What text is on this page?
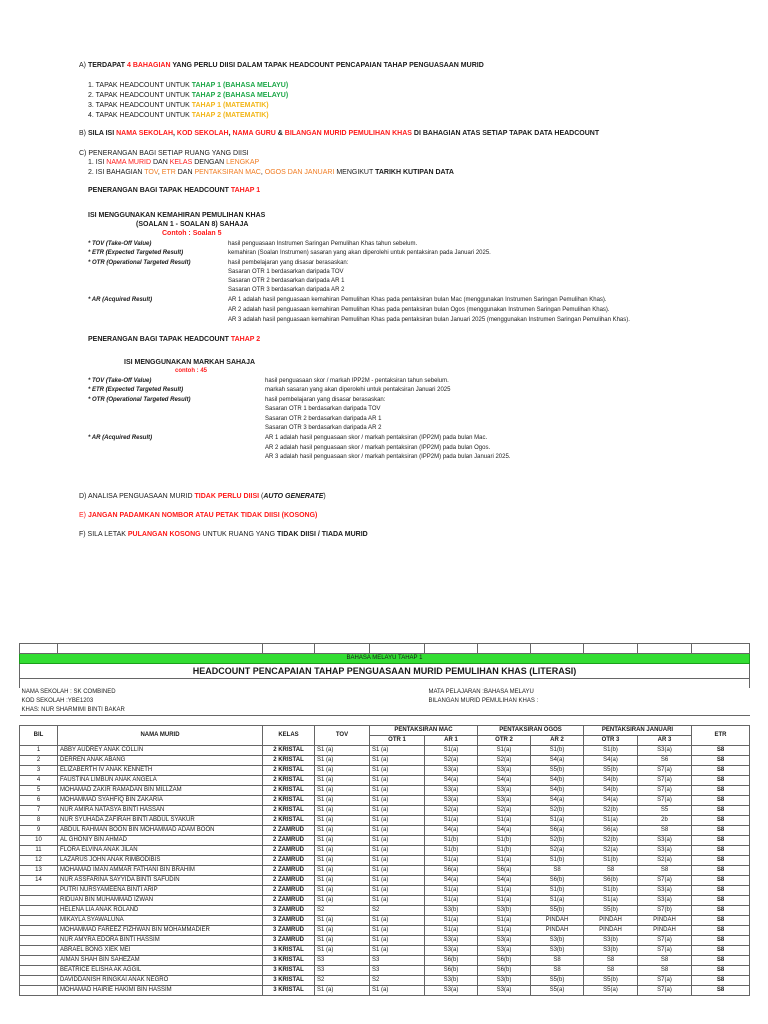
A) TERDAPAT 4 BAHAGIAN YANG PERLU DIISI DALAM TAPAK HEADCOUNT PENCAPAIAN TAHAP PENGUASAAN MURID
1. TAPAK HEADCOUNT UNTUK TAHAP 1 (BAHASA MELAYU)
2. TAPAK HEADCOUNT UNTUK TAHAP 2 (BAHASA MELAYU)
3. TAPAK HEADCOUNT UNTUK TAHAP 1 (MATEMATIK)
4. TAPAK HEADCOUNT UNTUK TAHAP 2 (MATEMATIK)
B) SILA ISI NAMA SEKOLAH, KOD SEKOLAH, NAMA GURU & BILANGAN MURID PEMULIHAN KHAS DI BAHAGIAN ATAS SETIAP TAPAK DATA HEADCOUNT
C) PENERANGAN BAGI SETIAP RUANG YANG DIISI
1. ISI NAMA MURID DAN KELAS DENGAN LENGKAP
2. ISI BAHAGIAN TOV, ETR DAN PENTAKSIRAN MAC, OGOS DAN JANUARI MENGIKUT TARIKH KUTIPAN DATA
PENERANGAN BAGI TAPAK HEADCOUNT TAHAP 1
ISI MENGGUNAKAN KEMAHIRAN PEMULIHAN KHAS
(SOALAN 1 - SOALAN 8) SAHAJA
Contoh : Soalan 5
* TOV (Take-Off Value)	hasil penguasaan Instrumen Saringan Pemulihan Khas tahun sebelum.
* ETR (Expected Targeted Result)	kemahiran (Soalan Instrumen) sasaran yang akan diperolehi untuk pentaksiran pada Januari 2025.
* OTR (Operational Targeted Result)	hasil pembelajaran yang disasar berasaskan:
Sasaran OTR 1 berdasarkan daripada TOV
Sasaran OTR 2 berdasarkan daripada AR 1
Sasaran OTR 3 berdasarkan daripada AR 2
* AR (Acquired Result)	AR 1 adalah hasil penguasaan kemahiran Pemulihan Khas pada pentaksiran bulan Mac (menggunakan Instrumen Saringan Pemulihan Khas).
AR 2 adalah hasil penguasaan kemahiran Pemulihan Khas pada pentaksiran bulan Ogos (menggunakan Instrumen Saringan Pemulihan Khas).
AR 3 adalah hasil penguasaan kemahiran Pemulihan Khas pada pentaksiran bulan Januari 2025 (menggunakan Instrumen Saringan Pemulihan Khas).
PENERANGAN BAGI TAPAK HEADCOUNT TAHAP 2
ISI MENGGUNAKAN MARKAH SAHAJA
contoh : 45
* TOV (Take-Off Value)	hasil penguasaan skor / markah IPP2M - pentaksiran tahun sebelum.
* ETR (Expected Targeted Result)	markah sasaran yang akan diperolehi untuk pentaksiran Januari 2025
* OTR (Operational Targeted Result)	hasil pembelajaran yang disasar berasaskan:
Sasaran OTR 1 berdasarkan daripada TOV
Sasaran OTR 2 berdasarkan daripada AR 1
Sasaran OTR 3 berdasarkan daripada AR 2
* AR (Acquired Result)	AR 1 adalah hasil penguasaan skor / markah pentaksiran (IPP2M) pada bulan Mac.
AR 2 adalah hasil penguasaan skor / markah pentaksiran (IPP2M) pada bulan Ogos.
AR 3 adalah hasil penguasaan skor / markah pentaksiran (IPP2M) pada bulan Januari 2025.
D) ANALISA PENGUASAAN MURID TIDAK PERLU DIISI (AUTO GENERATE)
E) JANGAN PADAMKAN NOMBOR ATAU PETAK TIDAK DIISI (KOSONG)
F) SILA LETAK PULANGAN KOSONG UNTUK RUANG YANG TIDAK DIISI / TIADA MURID

BAHASA MELAYU TAHAP 1										
HEADCOUNT PENCAPAIAN TAHAP PENGUASAAN MURID PEMULIHAN KHAS (LITERASI)										

NAMA SEKOLAH : SK COMBINED					MATA PELAJARAN :BAHASA MELAYU					
KOD SEKOLAH :YBE1203					BILANGAN MURID PEMULIHAN KHAS :					
KHAS: NUR SHARMIMI BINTI BAKAR										

BIL	NAMA MURID	KELAS	TOV	PENTAKSIRAN MAC		PENTAKSIRAN OGOS		PENTAKSIRAN JANUARI		ETR
				OTR 1	AR 1	OTR 2	AR 2	OTR 3	AR 3	
1	ABBY AUDREY ANAK COLLIN	2 KRISTAL	S1 (a)	S1 (a)	S1(a)	S1(a)	S1(b)	S1(b)	S3(a)	S8
2	DERREN ANAK ABANG	2 KRISTAL	S1 (a)	S1 (a)	S2(a)	S2(a)	S4(a)	S4(a)	S6	S8
3	ELIZABERTH IV ANAK KENNETH	2 KRISTAL	S1 (a)	S1 (a)	S3(a)	S3(a)	S5(b)	S5(b)	S7(a)	S8
4	FAUSTINA LIMBUN ANAK ANGELA	2 KRISTAL	S1 (a)	S1 (a)	S4(a)	S4(a)	S4(b)	S4(b)	S7(a)	S8
5	MOHAMAD ZAKIR RAMADAN BIN MILLZAM	2 KRISTAL	S1 (a)	S1 (a)	S3(a)	S3(a)	S4(b)	S4(b)	S7(a)	S8
6	MOHAMMAD SYAHFIQ BIN ZAKARIA	2 KRISTAL	S1 (a)	S1 (a)	S3(a)	S3(a)	S4(a)	S4(a)	S7(a)	S8
7	NUR AMIRA NATASYA BINTI HASSAN	2 KRISTAL	S1 (a)	S1 (a)	S2(a)	S2(a)	S2(b)	S2(b)	S5	S8
8	NUR SYUHADA ZAFIRAH BINTI ABDUL SYAKUR	2 KRISTAL	S1 (a)	S1 (a)	S1(a)	S1(a)	S1(a)	S1(a)	2b	S8
9	ABDUL RAHMAN BOON BIN MOHAMMAD ADAM BOON	2 ZAMRUD	S1 (a)	S1 (a)	S4(a)	S4(a)	S6(a)	S6(a)	S8	S8
10	AL GHONIY BIN AHMAD	2 ZAMRUD	S1 (a)	S1 (a)	S1(b)	S1(b)	S2(b)	S2(b)	S3(a)	S8
11	FLORA ELVINA ANAK JILAN	2 ZAMRUD	S1 (a)	S1 (a)	S1(b)	S1(b)	S2(a)	S2(a)	S3(a)	S8
12	LAZARUS JOHN ANAK RIMBODIBIS	2 ZAMRUD	S1 (a)	S1 (a)	S1(a)	S1(a)	S1(b)	S1(b)	S2(a)	S8
13	MOHAMAD IMAN AMMAR FATHANI BIN BRAHIM	2 ZAMRUD	S1 (a)	S1 (a)	S6(a)	S6(a)	S8	S8	S8	S8
14	NUR ASSFARINA SAYYIDA BINTI SAFUDIN	2 ZAMRUD	S1 (a)	S1 (a)	S4(a)	S4(a)	S6(b)	S6(b)	S7(a)	S8
	PUTRI NURSYAMEENA BINTI ARIP	2 ZAMRUD	S1 (a)	S1 (a)	S1(a)	S1(a)	S1(b)	S1(b)	S3(a)	S8
	RIDUAN BIN MUHAMMAD IZWAN	2 ZAMRUD	S1 (a)	S1 (a)	S1(a)	S1(a)	S1(a)	S1(a)	S3(a)	S8
	HELENA LIA ANAK ROLAND	3 ZAMRUD	S2	S2	S3(b)	S3(b)	S5(b)	S5(b)	S7(b)	S8
	MIKAYLA SYAWALUNA	3 ZAMRUD	S1 (a)	S1 (a)	S1(a)	S1(a)	PINDAH	PINDAH	PINDAH	S8
	MOHAMMAD FAREEZ FIZHWAN BIN MOHAMMADIER	3 ZAMRUD	S1 (a)	S1 (a)	S1(a)	S1(a)	PINDAH	PINDAH	PINDAH	S8
	NUR AMYRA EDORA BINTI HASSIM	3 ZAMRUD	S1 (a)	S1 (a)	S3(a)	S3(a)	S3(b)	S3(b)	S7(a)	S8
	ABRAEL BONG XIEK MEI	3 KRISTAL	S1 (a)	S1 (a)	S3(a)	S3(a)	S3(b)	S3(b)	S7(a)	S8
	AIMAN SHAH BIN SAHEZAM	3 KRISTAL	S3	S3	S6(b)	S6(b)	S8	S8	S8	S8
	BEATRICE ELISHA AK AGGIL	3 KRISTAL	S3	S3	S6(b)	S6(b)	S8	S8	S8	S8
	DAVIDDANISH RINGKAI ANAK NEGRO	3 KRISTAL	S2	S2	S3(b)	S3(b)	S5(b)	S5(b)	S7(a)	S8
	MOHAMAD HAIRIE HAKIMI BIN HASSIM	3 KRISTAL	S1 (a)	S1 (a)	S3(a)	S3(a)	S5(a)	S5(a)	S7(a)	S8
